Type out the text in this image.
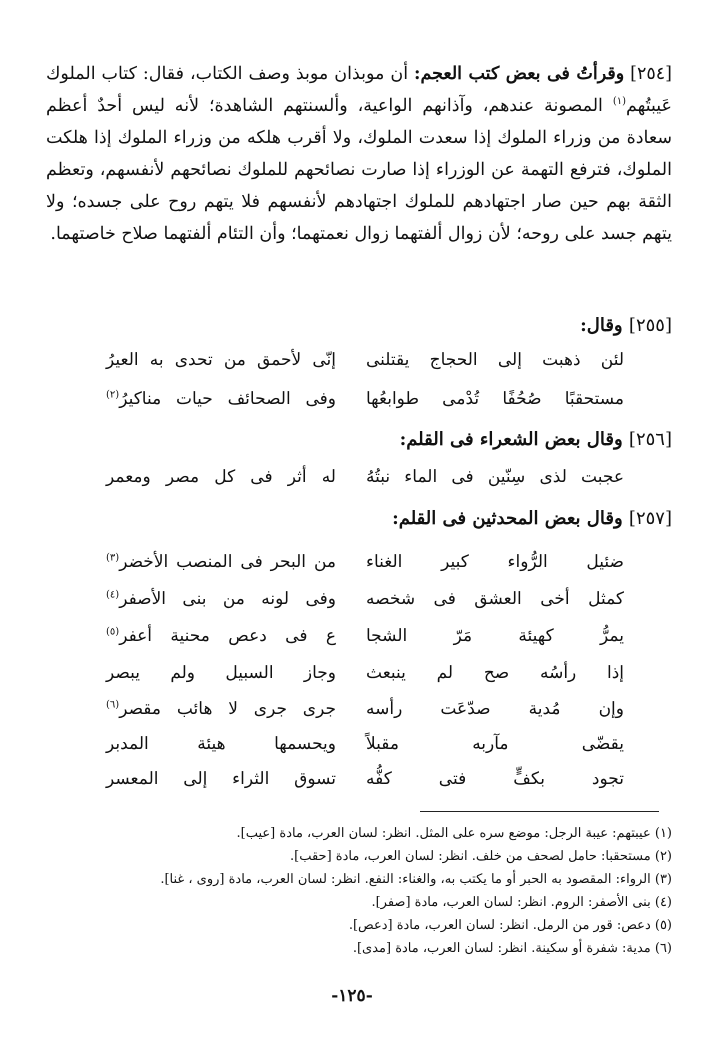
[٢٥٤] وقرأتُ فى بعض كتب العجم: أن موبذان موبذ وصف الكتاب، فقال: كتاب الملوك عَيبتُهم$^{(١)}$ المصونة عندهم، وآذانهم الواعية، وألسنتهم الشاهدة؛ لأنه ليس أحدٌ أعظم سعادة من وزراء الملوك إذا سعدت الملوك، ولا أقرب هلكه من وزراء الملوك إذا هلكت الملوك، فترفع التهمة عن الوزراء إذا صارت نصائحهم للملوك نصائحهم لأنفسهم، وتعظم الثقة بهم حين صار اجتهادهم للملوك اجتهادهم لأنفسهم فلا يتهم روح على جسده؛ ولا يتهم جسد على روحه؛ لأن زوال ألفتهما زوال نعمتهما؛ وأن التئام ألفتهما صلاح خاصتهما.

[٢٥٥] وقال:
لئن ذهبت إلى الحجاج يقتلنى
إنّى لأحمق من تحدى به العيرُ
مستحقبًا صُحُفًا تُدْمى طوابعُها
وفى الصحائف حيات مناكيرُ$^{(٢)}$
[٢٥٦] وقال بعض الشعراء فى القلم:
عجبت لذى سِنّين فى الماء نبتُهُ
له أثر فى كل مصر ومعمر
[٢٥٧] وقال بعض المحدثين فى القلم:
ضئيل الرُّواء كبير الغناء
من البحر فى المنصب الأخضر$^{(٣)}$
كمثل أخى العشق فى شخصه
وفى لونه من بنى الأصفر$^{(٤)}$
يمرُّ كهيئة مَرّ الشجا
ع فى دعص محنية أعفر$^{(٥)}$
إذا رأسُه صح لم ينبعث
وجاز السبيل ولم يبصر
وإن مُدية صدّعَت رأسه
جرى جرى لا هائب مقصر$^{(٦)}$
يقضّى مآربه مقبلاً
ويحسمها هيئة المدبر
تجود بكفٍّ فتى كفُّه
تسوق الثراء إلى المعسر
(١) عيبتهم: عيبة الرجل: موضع سره على المثل. انظر: لسان العرب، مادة [عيب].
(٢) مستحقبا: حامل لصحف من خلف. انظر: لسان العرب، مادة [حقب].
(٣) الرواء: المقصود به الحبر أو ما يكتب به، والغناء: النفع. انظر: لسان العرب، مادة [روى ، غنا].
(٤) بنى الأصفر: الروم. انظر: لسان العرب، مادة [صفر].
(٥) دعص: قور من الرمل. انظر: لسان العرب، مادة [دعص].
(٦) مدية: شفرة أو سكينة. انظر: لسان العرب، مادة [مدى].
-١٢٥-
